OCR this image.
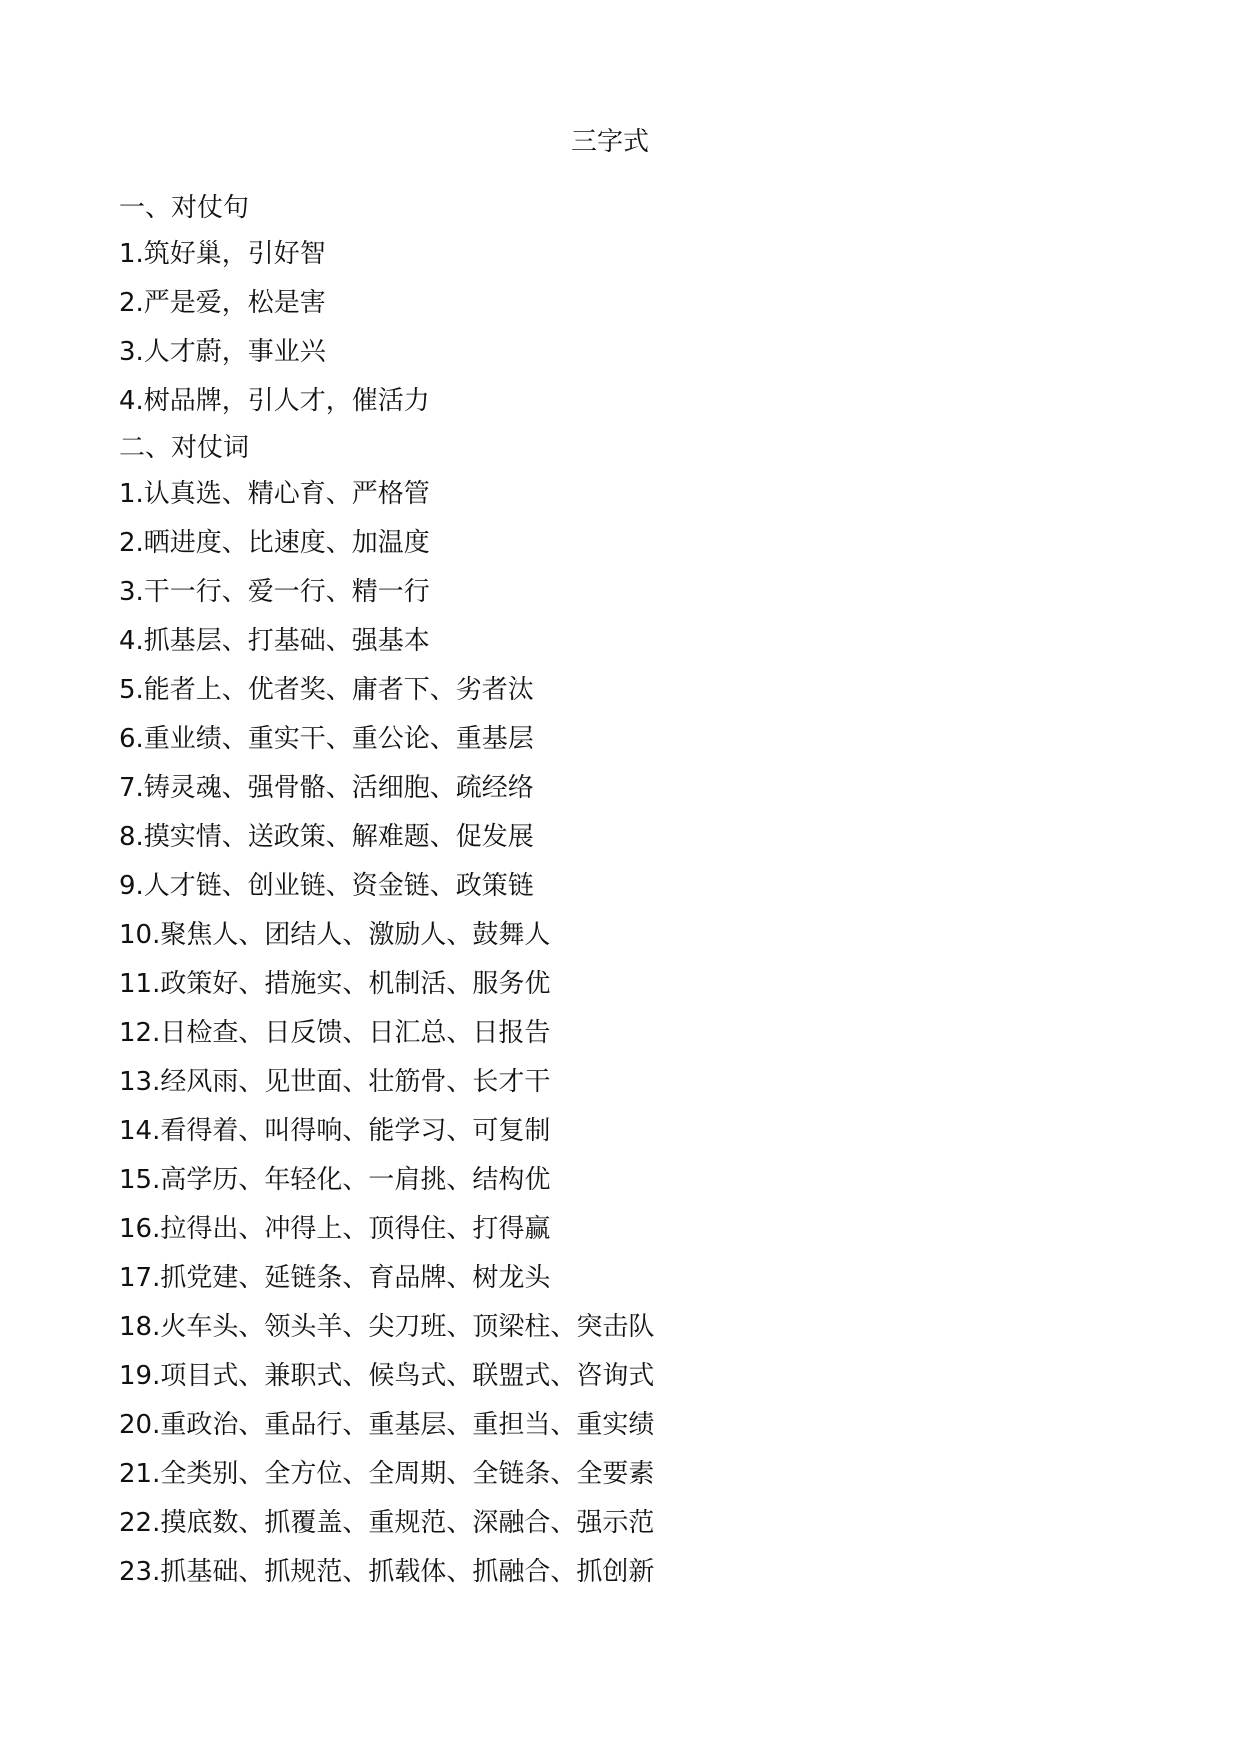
三字式

一、对仗句

1.筑好巢，引好智

2.严是爱，松是害

3.人才蔚，事业兴

4.树品牌，引人才，催活力

二、对仗词

1.认真选、精心育、严格管

2.晒进度、比速度、加温度

3.干一行、爱一行、精一行

4.抓基层、打基础、强基本

5.能者上、优者奖、庸者下、劣者汰

6.重业绩、重实干、重公论、重基层

7.铸灵魂、强骨骼、活细胞、疏经络

8.摸实情、送政策、解难题、促发展

9.人才链、创业链、资金链、政策链

10.聚焦人、团结人、激励人、鼓舞人

11.政策好、措施实、机制活、服务优

12.日检查、日反馈、日汇总、日报告

13.经风雨、见世面、壮筋骨、长才干

14.看得着、叫得响、能学习、可复制

15.高学历、年轻化、一肩挑、结构优

16.拉得出、冲得上、顶得住、打得赢

17.抓党建、延链条、育品牌、树龙头

18.火车头、领头羊、尖刀班、顶梁柱、突击队

19.项目式、兼职式、候鸟式、联盟式、咨询式

20.重政治、重品行、重基层、重担当、重实绩

21.全类别、全方位、全周期、全链条、全要素

22.摸底数、抓覆盖、重规范、深融合、强示范

23.抓基础、抓规范、抓载体、抓融合、抓创新
